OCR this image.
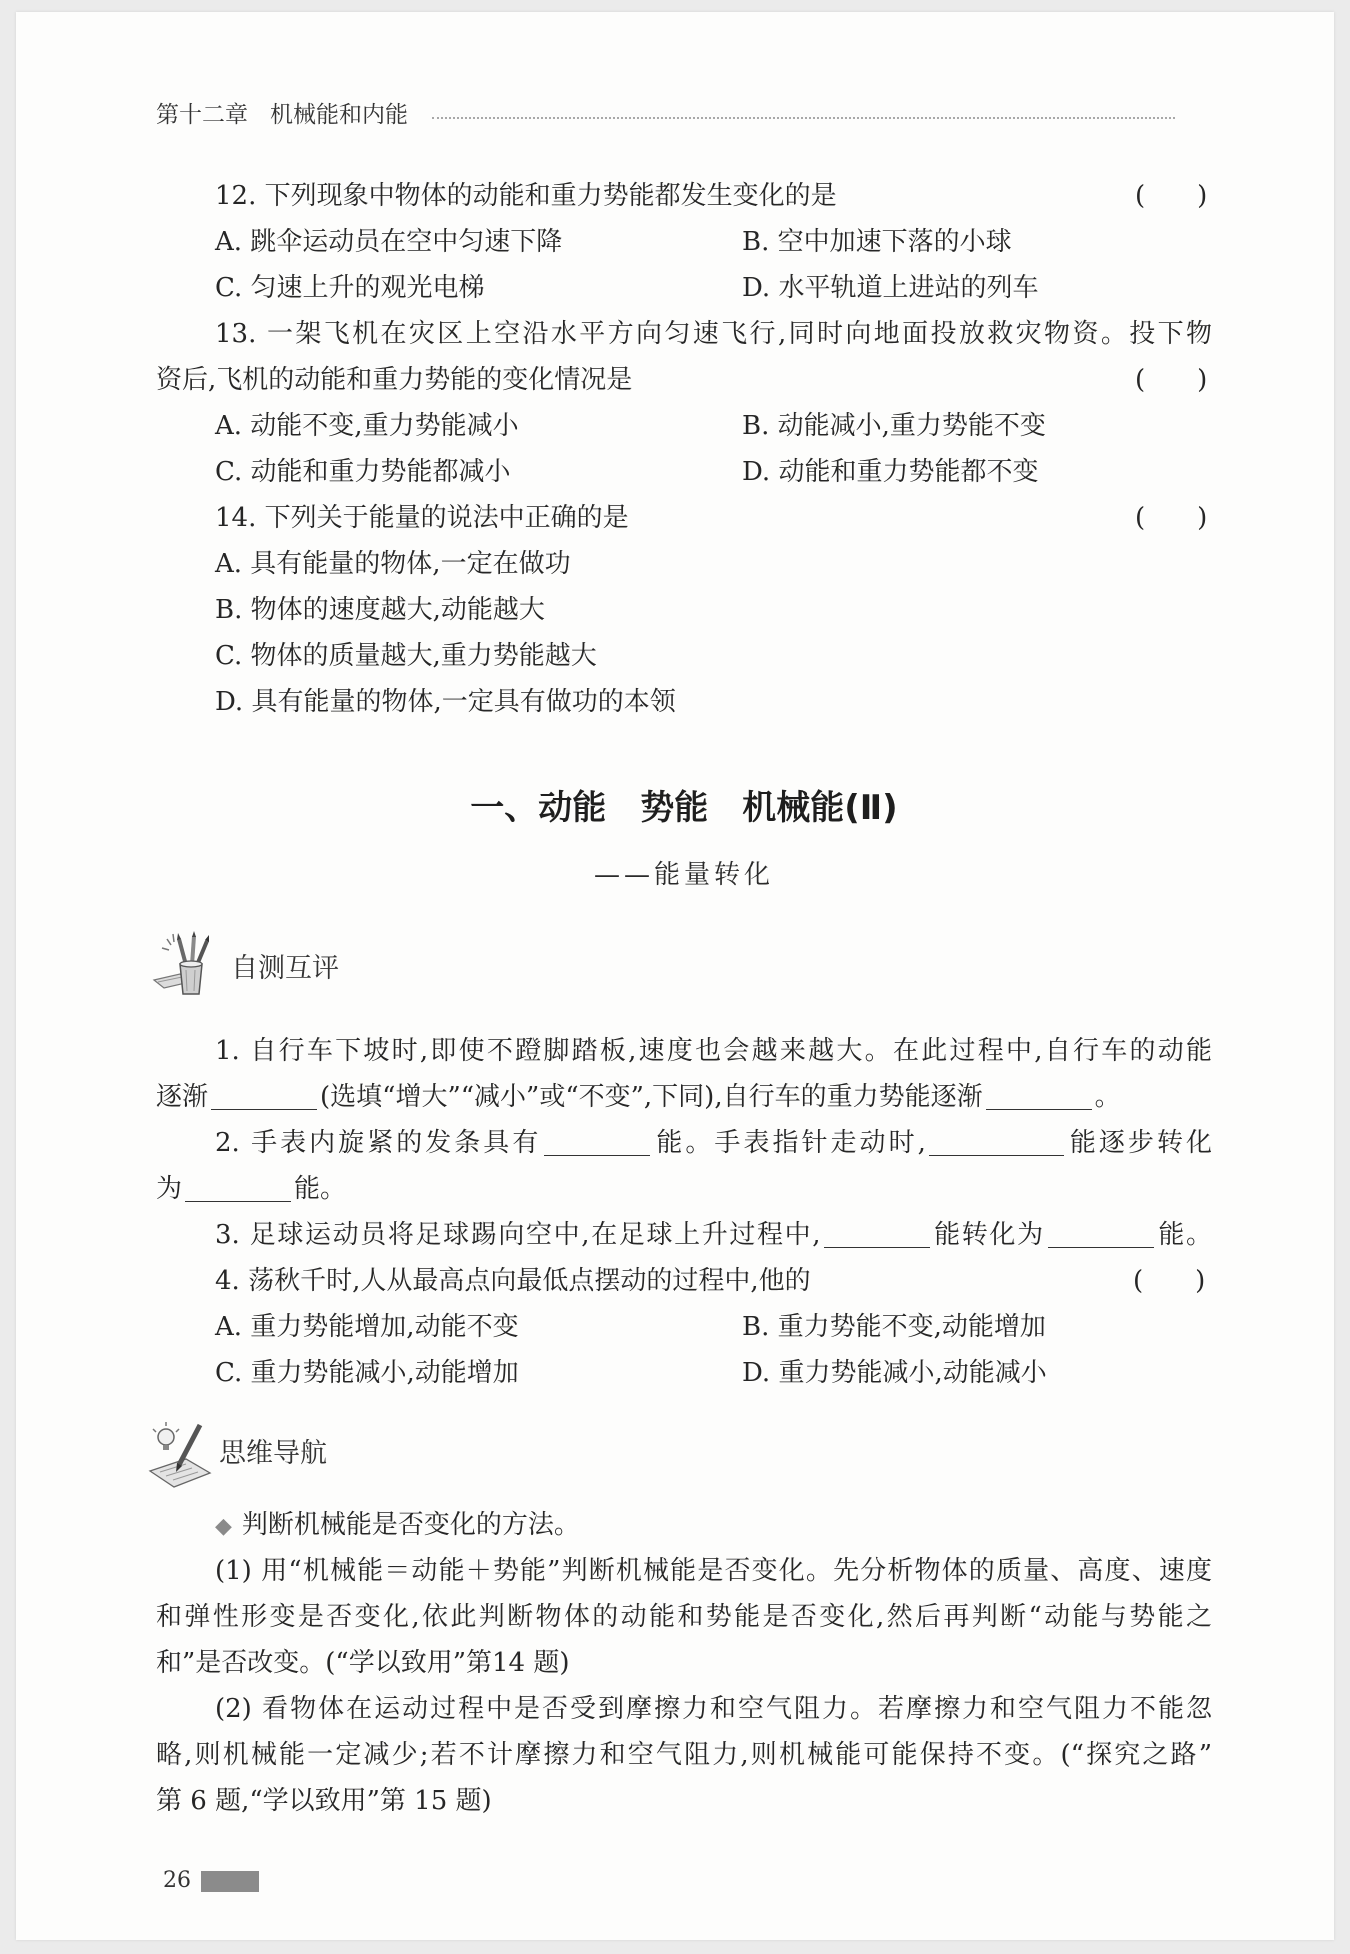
第十二章 机械能和内能
12. 下列现象中物体的动能和重力势能都发生变化的是	(　　)
A. 跳伞运动员在空中匀速下降	B. 空中加速下落的小球
C. 匀速上升的观光电梯	D. 水平轨道上进站的列车
13. 一架飞机在灾区上空沿水平方向匀速飞行,同时向地面投放救灾物资。投下物
资后,飞机的动能和重力势能的变化情况是	(　　)
A. 动能不变,重力势能减小	B. 动能减小,重力势能不变
C. 动能和重力势能都减小	D. 动能和重力势能都不变
14. 下列关于能量的说法中正确的是	(　　)
A. 具有能量的物体,一定在做功
B. 物体的速度越大,动能越大
C. 物体的质量越大,重力势能越大
D. 具有能量的物体,一定具有做功的本领
一、动能　势能　机械能(Ⅱ)
——能量转化
自测互评
1. 自行车下坡时,即使不蹬脚踏板,速度也会越来越大。在此过程中,自行车的动能
逐渐	(选填“增大”“减小”或“不变”,下同),自行车的重力势能逐渐	。
2. 手表内旋紧的发条具有	能。手表指针走动时,	能逐步转化
为	能。
3. 足球运动员将足球踢向空中,在足球上升过程中,	能转化为	能。
4. 荡秋千时,人从最高点向最低点摆动的过程中,他的	(　　)
A. 重力势能增加,动能不变	B. 重力势能不变,动能增加
C. 重力势能减小,动能增加	D. 重力势能减小,动能减小
思维导航
◆ 判断机械能是否变化的方法。
(1) 用“机械能＝动能＋势能”判断机械能是否变化。先分析物体的质量、高度、速度
和弹性形变是否变化,依此判断物体的动能和势能是否变化,然后再判断“动能与势能之
和”是否改变。(“学以致用”第14 题)
(2) 看物体在运动过程中是否受到摩擦力和空气阻力。若摩擦力和空气阻力不能忽
略,则机械能一定减少;若不计摩擦力和空气阻力,则机械能可能保持不变。(“探究之路”
第 6 题,“学以致用”第 15 题)
26
